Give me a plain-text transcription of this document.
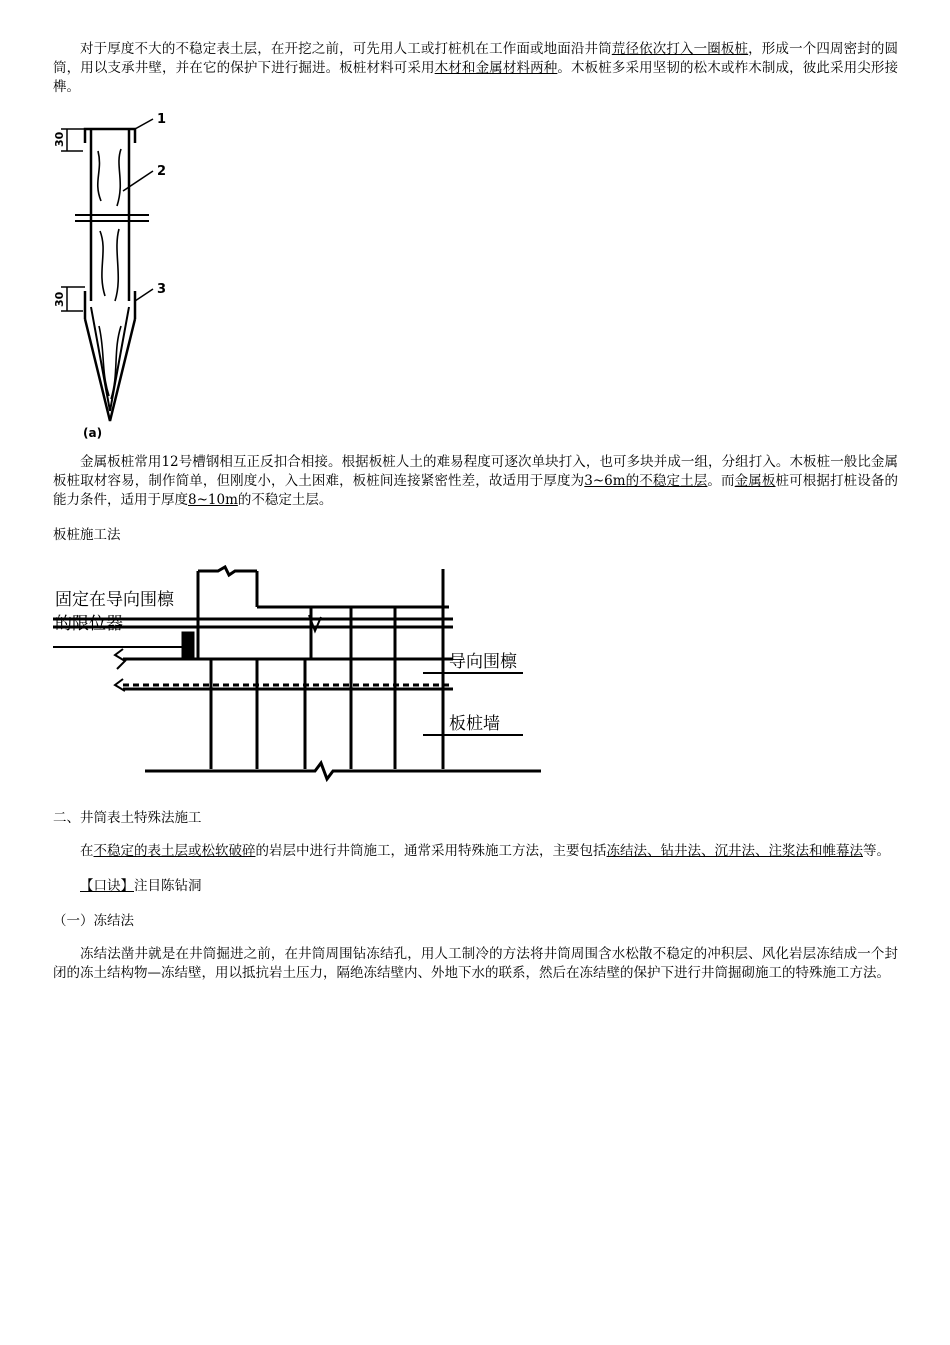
对于厚度不大的不稳定表土层，在开挖之前，可先用人工或打桩机在工作面或地面沿井筒荒径依次打入一圈板桩，形成一个四周密封的圆筒，用以支承井壁，并在它的保护下进行掘进。板桩材料可采用木材和金属材料两种。木板桩多采用坚韧的松木或柞木制成，彼此采用尖形接榫。

1
2
3
30
30
(a)

金属板桩常用12号槽钢相互正反扣合相接。根据板桩人土的难易程度可逐次单块打入，也可多块并成一组，分组打入。木板桩一般比金属板桩取材容易，制作简单，但刚度小，入土困难，板桩间连接紧密性差，故适用于厚度为3~6m的不稳定土层。而金属板桩可根据打桩设备的能力条件，适用于厚度8~10m的不稳定土层。

板桩施工法

固定在导向围檩
的限位器
导向围檩
板桩墙

二、井筒表土特殊法施工

在不稳定的表土层或松软破碎的岩层中进行井筒施工，通常采用特殊施工方法，主要包括冻结法、钻井法、沉井法、注浆法和帷幕法等。

【口诀】注目陈钻洞

（一）冻结法

冻结法凿井就是在井筒掘进之前，在井筒周围钻冻结孔，用人工制冷的方法将井筒周围含水松散不稳定的冲积层、风化岩层冻结成一个封闭的冻土结构物—冻结壁，用以抵抗岩土压力，隔绝冻结壁内、外地下水的联系，然后在冻结壁的保护下进行井筒掘砌施工的特殊施工方法。
